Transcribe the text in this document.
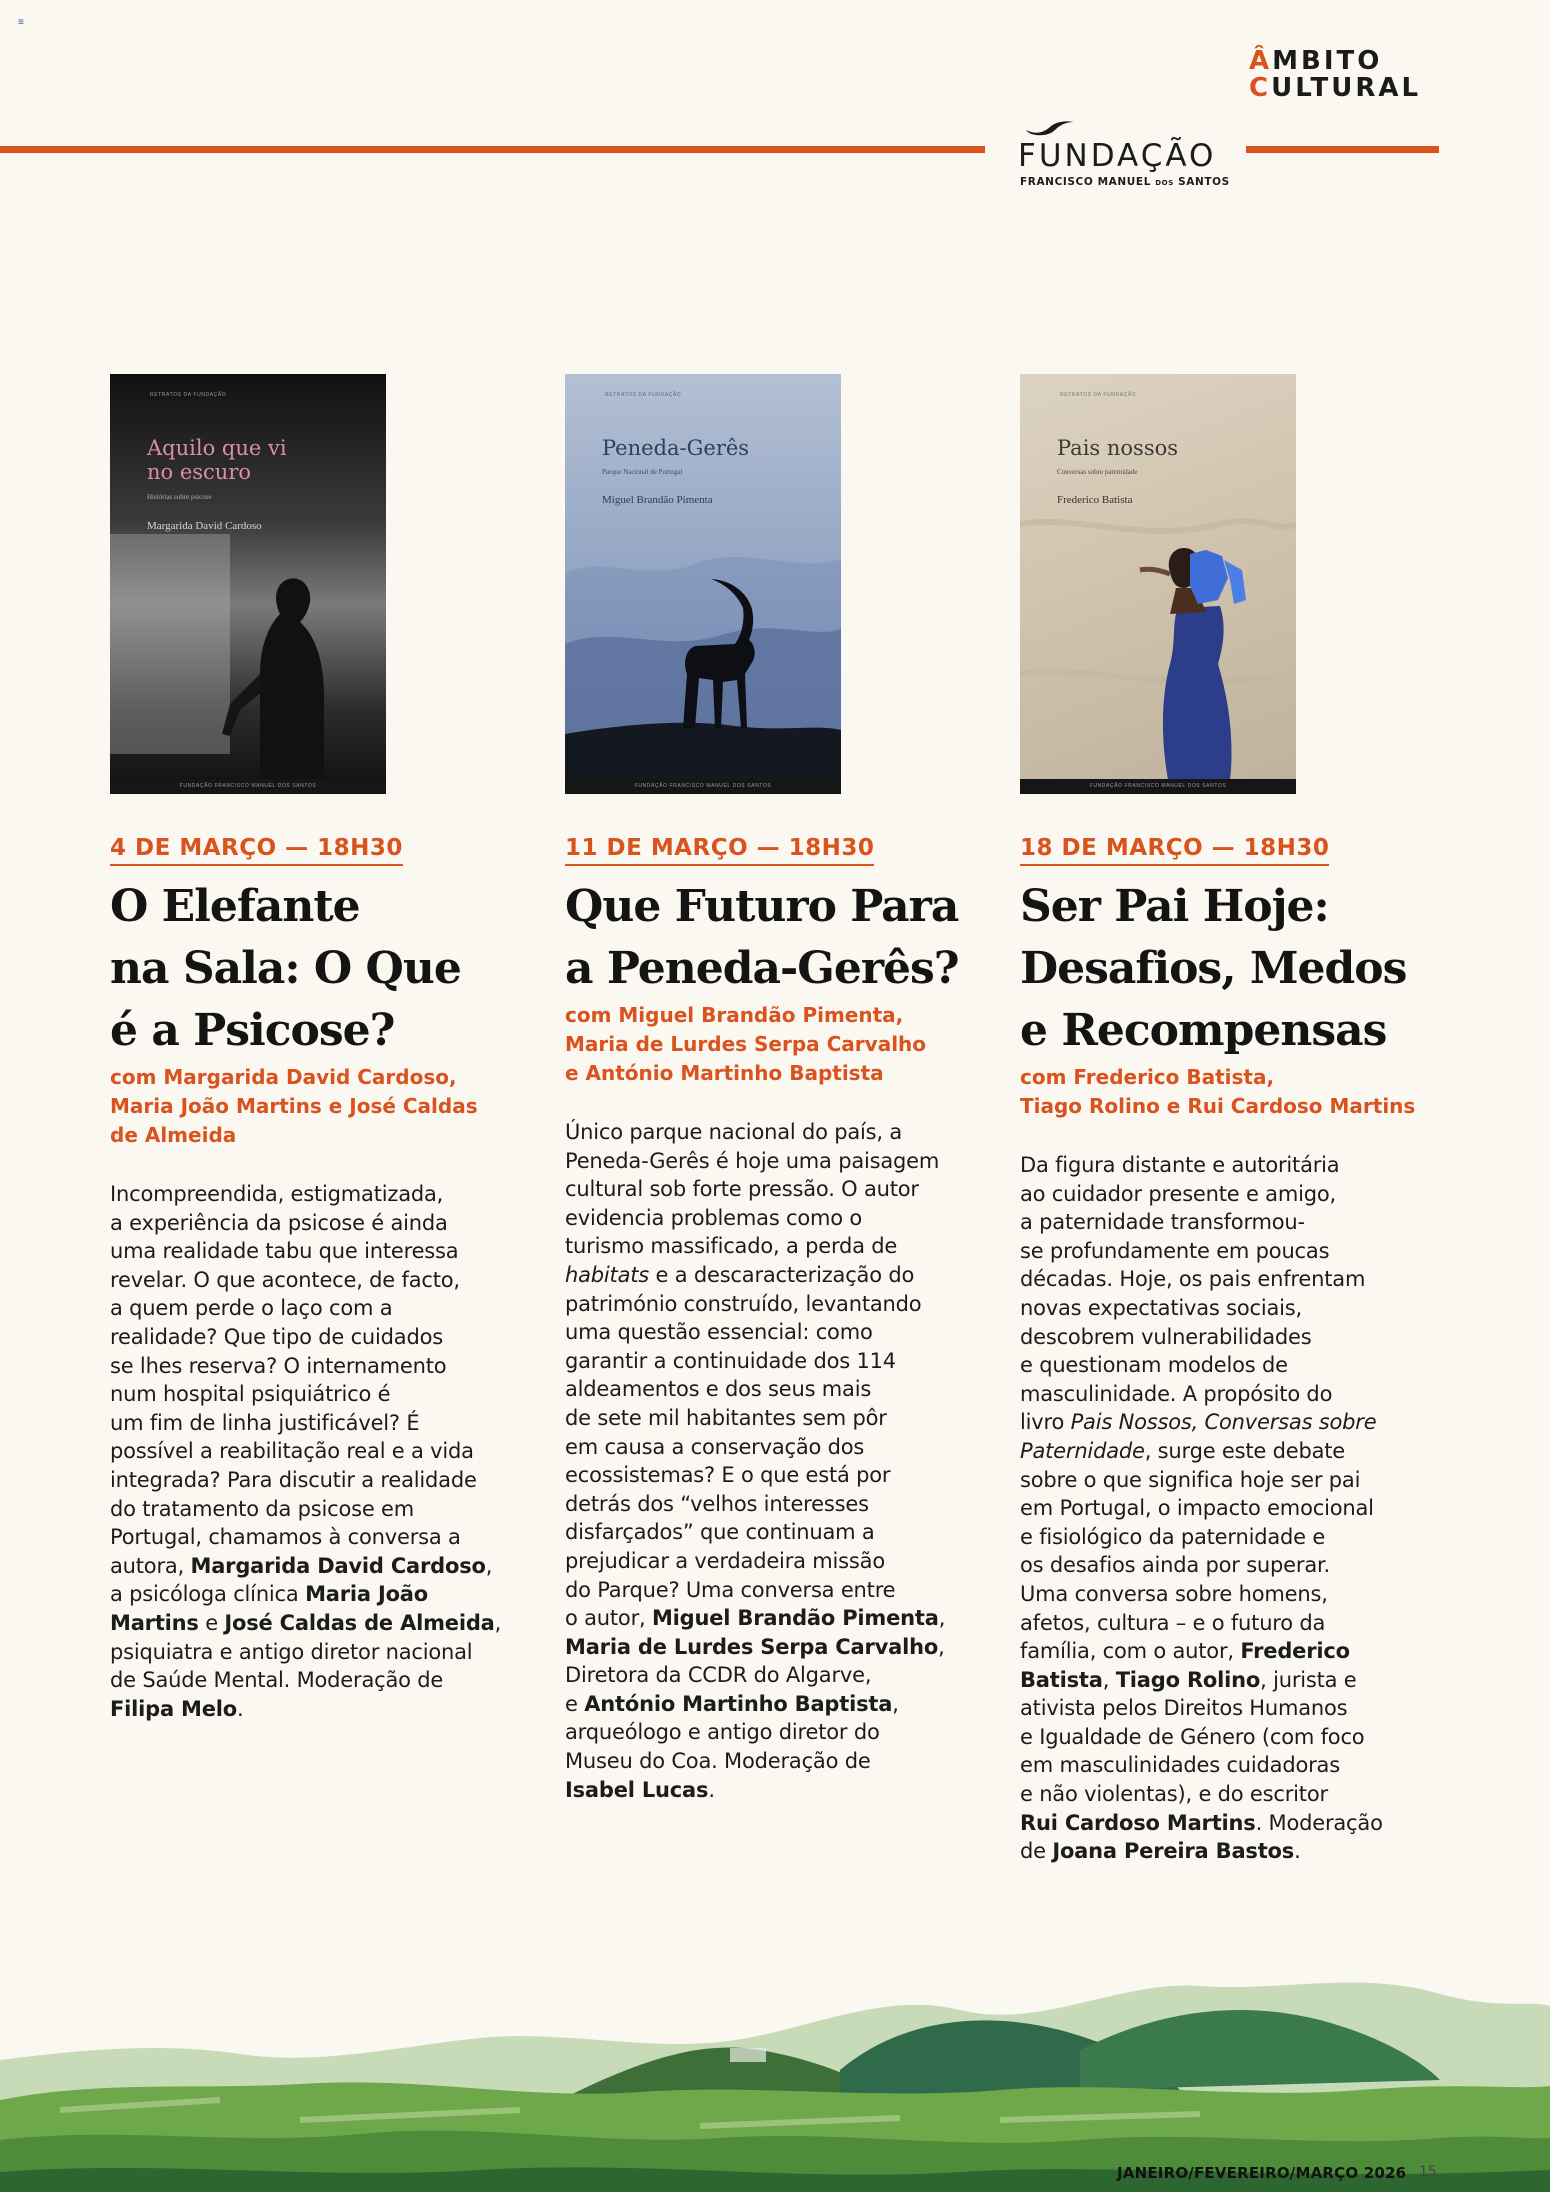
≡
ÂMBITO
CULTURAL
FUNDAÇÃO
FRANCISCO MANUEL DOS SANTOS
RETRATOS DA FUNDAÇÃO
Aquilo que vi
no escuro
Histórias sobre psicose
Margarida David Cardoso
FUNDAÇÃO FRANCISCO MANUEL DOS SANTOS
4 DE MARÇO — 18H30
O Elefante
na Sala: O Que
é a Psicose?
com Margarida David Cardoso,
Maria João Martins e José Caldas
de Almeida
Incompreendida, estigmatizada,
a experiência da psicose é ainda
uma realidade tabu que interessa
revelar. O que acontece, de facto,
a quem perde o laço com a
realidade? Que tipo de cuidados
se lhes reserva? O internamento
num hospital psiquiátrico é
um fim de linha justificável? É
possível a reabilitação real e a vida
integrada? Para discutir a realidade
do tratamento da psicose em
Portugal, chamamos à conversa a
autora, Margarida David Cardoso,
a psicóloga clínica Maria João
Martins e José Caldas de Almeida,
psiquiatra e antigo diretor nacional
de Saúde Mental. Moderação de
Filipa Melo.
RETRATOS DA FUNDAÇÃO
Peneda-Gerês
Parque Nacional de Portugal
Miguel Brandão Pimenta
FUNDAÇÃO FRANCISCO MANUEL DOS SANTOS
11 DE MARÇO — 18H30
Que Futuro Para
a Peneda-Gerês?
com Miguel Brandão Pimenta,
Maria de Lurdes Serpa Carvalho
e António Martinho Baptista
Único parque nacional do país, a
Peneda-Gerês é hoje uma paisagem
cultural sob forte pressão. O autor
evidencia problemas como o
turismo massificado, a perda de
habitats e a descaracterização do
património construído, levantando
uma questão essencial: como
garantir a continuidade dos 114
aldeamentos e dos seus mais
de sete mil habitantes sem pôr
em causa a conservação dos
ecossistemas? E o que está por
detrás dos “velhos interesses
disfarçados” que continuam a
prejudicar a verdadeira missão
do Parque? Uma conversa entre
o autor, Miguel Brandão Pimenta,
Maria de Lurdes Serpa Carvalho,
Diretora da CCDR do Algarve,
e António Martinho Baptista,
arqueólogo e antigo diretor do
Museu do Coa. Moderação de
Isabel Lucas.
RETRATOS DA FUNDAÇÃO
Pais nossos
Conversas sobre paternidade
Frederico Batista
FUNDAÇÃO FRANCISCO MANUEL DOS SANTOS
18 DE MARÇO — 18H30
Ser Pai Hoje:
Desafios, Medos
e Recompensas
com Frederico Batista,
Tiago Rolino e Rui Cardoso Martins
Da figura distante e autoritária
ao cuidador presente e amigo,
a paternidade transformou-
se profundamente em poucas
décadas. Hoje, os pais enfrentam
novas expectativas sociais,
descobrem vulnerabilidades
e questionam modelos de
masculinidade. A propósito do
livro Pais Nossos, Conversas sobre
Paternidade, surge este debate
sobre o que significa hoje ser pai
em Portugal, o impacto emocional
e fisiológico da paternidade e
os desafios ainda por superar.
Uma conversa sobre homens,
afetos, cultura – e o futuro da
família, com o autor, Frederico
Batista, Tiago Rolino, jurista e
ativista pelos Direitos Humanos
e Igualdade de Género (com foco
em masculinidades cuidadoras
e não violentas), e do escritor
Rui Cardoso Martins. Moderação
de Joana Pereira Bastos.
JANEIRO/FEVEREIRO/MARÇO 2026 15
